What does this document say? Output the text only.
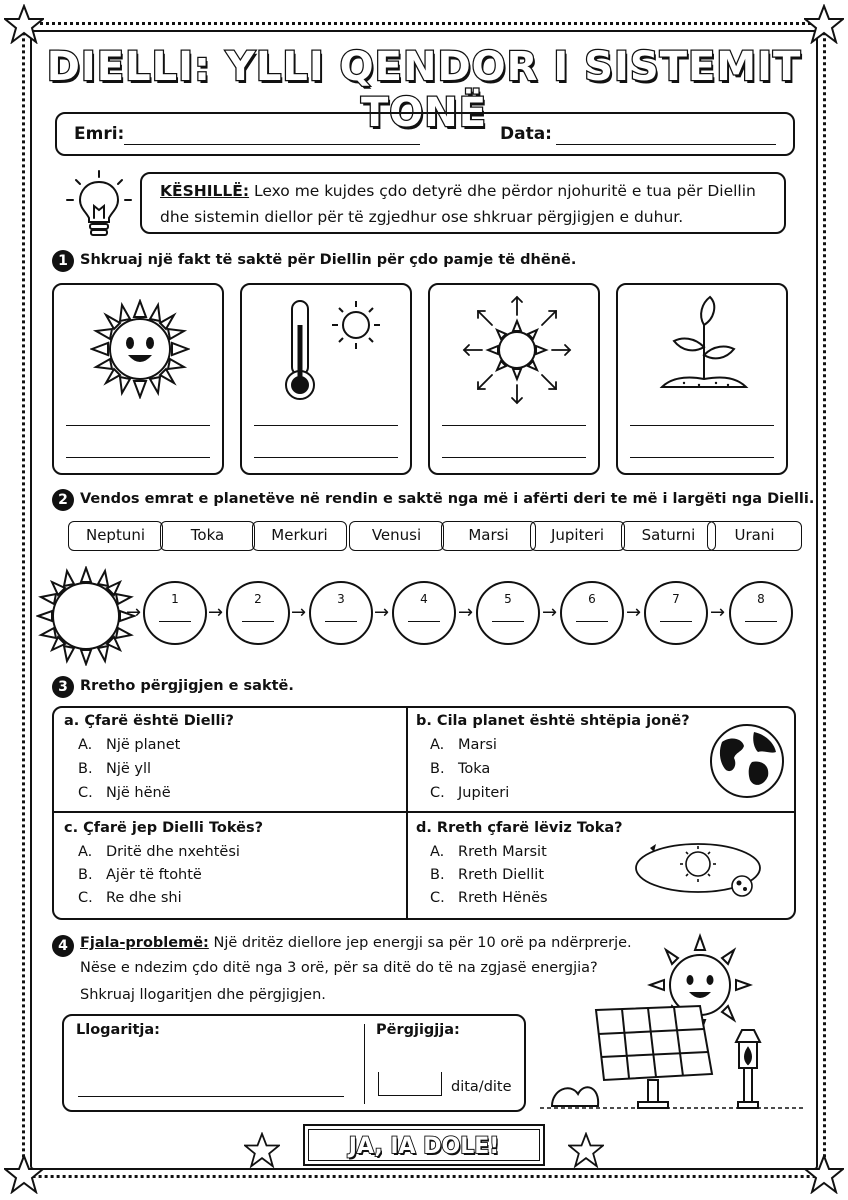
DIELLI: YLLI QENDOR I SISTEMIT TONË
Emri:	Data:
KËSHILLË: Lexo me kujdes çdo detyrë dhe përdor njohuritë e tua për Diellin dhe sistemin diellor për të zgjedhur ose shkruar përgjigjen e duhur.
1 Shkruaj një fakt të saktë për Diellin për çdo pamje të dhënë.
2 Vendos emrat e planetëve në rendin e saktë nga më i afërti deri te më i largëti nga Dielli.
Neptuni	Toka	Merkuri	Venusi	Marsi	Jupiteri	Saturni	Urani
→
1
→
2
→
3
→
4
→
5
→
6
→
7
→
8
3 Rretho përgjigjen e saktë.
a. Çfarë është Dielli?
A. Një planet
B. Një yll
C. Një hënë
b. Cila planet është shtëpia jonë?
A. Marsi
B. Toka
C. Jupiteri
c. Çfarë jep Dielli Tokës?
A. Dritë dhe nxehtësi
B. Ajër të ftohtë
C. Re dhe shi
d. Rreth çfarë lëviz Toka?
A. Rreth Marsit
B. Rreth Diellit
C. Rreth Hënës
4 Fjala-problemë: Një dritëz diellore jep energji sa për 10 orë pa ndërprerje.
Nëse e ndezim çdo ditë nga 3 orë, për sa ditë do të na zgjasë energjia?
Shkruaj llogaritjen dhe përgjigjen.
Llogaritja:	Përgjigjja:
dita/dite
JA, IA DOLE!
